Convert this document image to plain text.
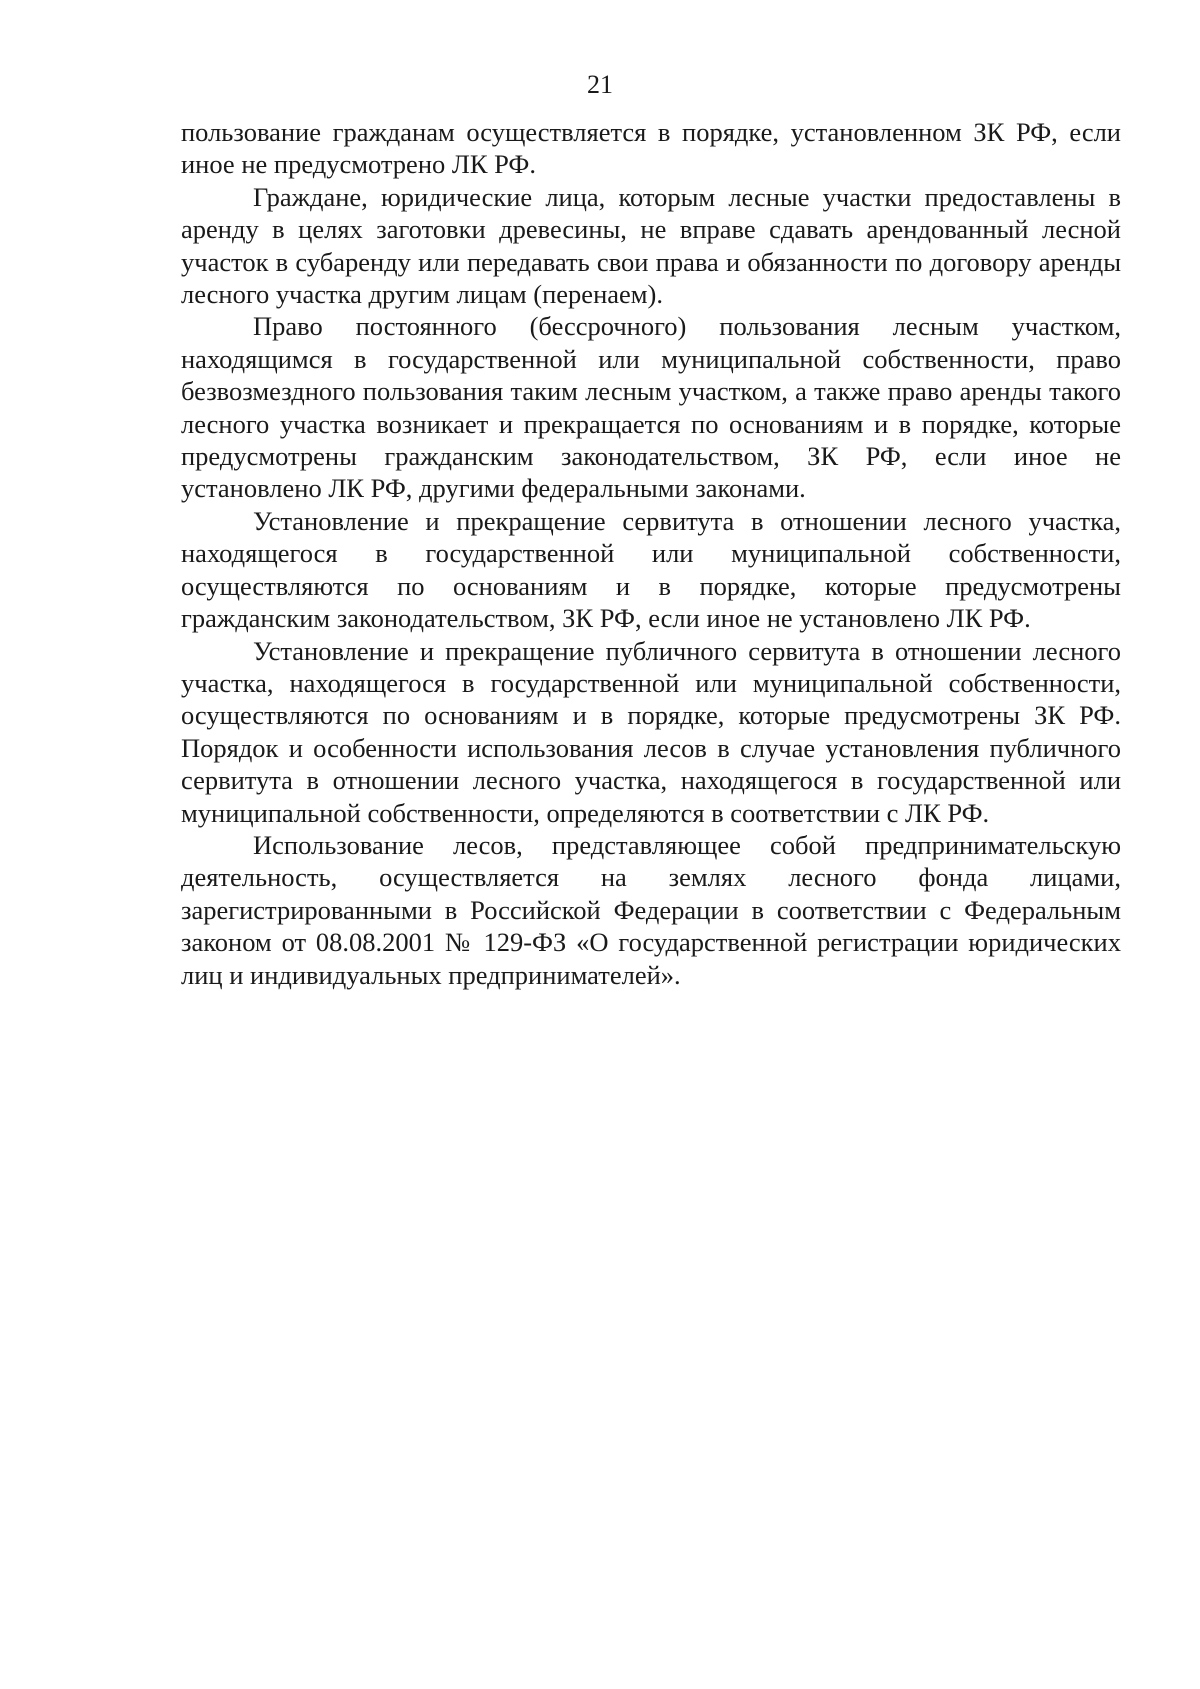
21

пользование гражданам осуществляется в порядке, установленном ЗК РФ, если иное не предусмотрено ЛК РФ.

Граждане, юридические лица, которым лесные участки предоставлены в аренду в целях заготовки древесины, не вправе сдавать арендованный лесной участок в субаренду или передавать свои права и обязанности по договору аренды лесного участка другим лицам (перенаем).

Право постоянного (бессрочного) пользования лесным участком, находящимся в государственной или муниципальной собственности, право безвозмездного пользования таким лесным участком, а также право аренды такого лесного участка возникает и прекращается по основаниям и в порядке, которые предусмотрены гражданским законодательством, ЗК РФ, если иное не установлено ЛК РФ, другими федеральными законами.

Установление и прекращение сервитута в отношении лесного участка, находящегося в государственной или муниципальной собственности, осуществляются по основаниям и в порядке, которые предусмотрены гражданским законодательством, ЗК РФ, если иное не установлено ЛК РФ.

Установление и прекращение публичного сервитута в отношении лесного участка, находящегося в государственной или муниципальной собственности, осуществляются по основаниям и в порядке, которые предусмотрены ЗК РФ. Порядок и особенности использования лесов в случае установления публичного сервитута в отношении лесного участка, находящегося в государственной или муниципальной собственности, определяются в соответствии с ЛК РФ.

Использование лесов, представляющее собой предпринимательскую деятельность, осуществляется на землях лесного фонда лицами, зарегистрированными в Российской Федерации в соответствии с Федеральным законом от 08.08.2001 № 129-ФЗ «О государственной регистрации юридических лиц и индивидуальных предпринимателей».
